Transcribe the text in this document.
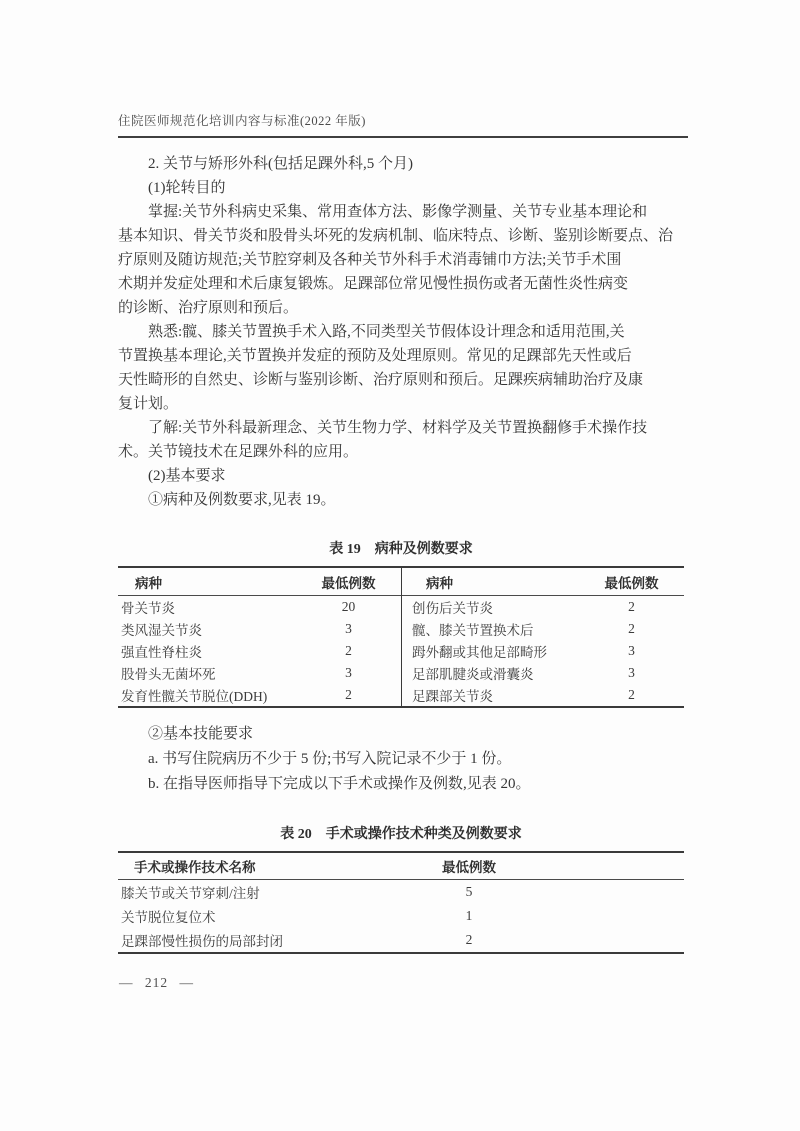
住院医师规范化培训内容与标准(2022 年版)
2. 关节与矫形外科(包括足踝外科,5 个月)
(1)轮转目的
掌握:关节外科病史采集、常用查体方法、影像学测量、关节专业基本理论和
基本知识、骨关节炎和股骨头坏死的发病机制、临床特点、诊断、鉴别诊断要点、治
疗原则及随访规范;关节腔穿刺及各种关节外科手术消毒铺巾方法;关节手术围
术期并发症处理和术后康复锻炼。足踝部位常见慢性损伤或者无菌性炎性病变
的诊断、治疗原则和预后。
熟悉:髋、膝关节置换手术入路,不同类型关节假体设计理念和适用范围,关
节置换基本理论,关节置换并发症的预防及处理原则。常见的足踝部先天性或后
天性畸形的自然史、诊断与鉴别诊断、治疗原则和预后。足踝疾病辅助治疗及康
复计划。
了解:关节外科最新理念、关节生物力学、材料学及关节置换翻修手术操作技
术。关节镜技术在足踝外科的应用。
(2)基本要求
①病种及例数要求,见表 19。
表 19 病种及例数要求
病种	最低例数	病种	最低例数
骨关节炎	20	创伤后关节炎	2
类风湿关节炎	3	髋、膝关节置换术后	2
强直性脊柱炎	2	𧿹外翻或其他足部畸形	3
股骨头无菌坏死	3	足部肌腱炎或滑囊炎	3
发育性髋关节脱位(DDH)	2	足踝部关节炎	2
②基本技能要求
a. 书写住院病历不少于 5 份;书写入院记录不少于 1 份。
b. 在指导医师指导下完成以下手术或操作及例数,见表 20。
表 20 手术或操作技术种类及例数要求
手术或操作技术名称	最低例数
膝关节或关节穿刺/注射	5
关节脱位复位术	1
足踝部慢性损伤的局部封闭	2
— 212 —
